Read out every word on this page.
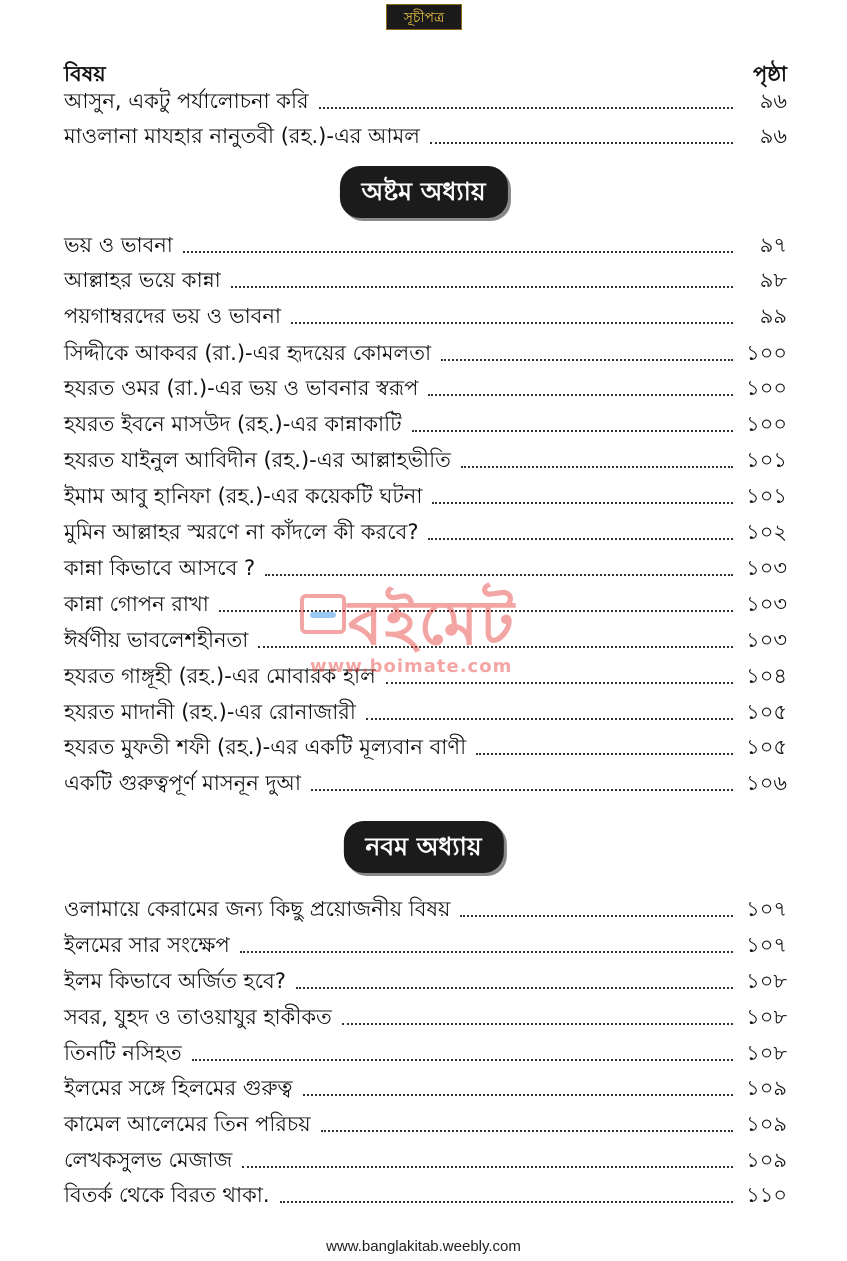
সূচীপত্র
বিষয়	পৃষ্ঠা
আসুন, একটু পর্যালোচনা করি	৯৬
মাওলানা মাযহার নানুতবী (রহ.)-এর আমল	৯৬
অষ্টম অধ্যায়
ভয় ও ভাবনা	৯৭
আল্লাহর ভয়ে কান্না	৯৮
পয়গাম্বরদের ভয় ও ভাবনা	৯৯
সিদ্দীকে আকবর (রা.)-এর হৃদয়ের কোমলতা	১০০
হযরত ওমর (রা.)-এর ভয় ও ভাবনার স্বরূপ	১০০
হযরত ইবনে মাসউদ (রহ.)-এর কান্নাকাটি	১০০
হযরত যাইনুল আবিদীন (রহ.)-এর আল্লাহভীতি	১০১
ইমাম আবু হানিফা (রহ.)-এর কয়েকটি ঘটনা	১০১
মুমিন আল্লাহর স্মরণে না কাঁদলে কী করবে?	১০২
কান্না কিভাবে আসবে ?	১০৩
কান্না গোপন রাখা	১০৩
ঈর্ষণীয় ভাবলেশহীনতা	১০৩
হযরত গাঙ্গূহী (রহ.)-এর মোবারক হাল	১০৪
হযরত মাদানী (রহ.)-এর রোনাজারী	১০৫
হযরত মুফতী শফী (রহ.)-এর একটি মূল্যবান বাণী	১০৫
একটি গুরুত্বপূর্ণ মাসনূন দুআ	১০৬
নবম অধ্যায়
ওলামায়ে কেরামের জন্য কিছু প্রয়োজনীয় বিষয়	১০৭
ইলমের সার সংক্ষেপ	১০৭
ইলম কিভাবে অর্জিত হবে?	১০৮
সবর, যুহদ ও তাওয়াযুর হাকীকত	১০৮
তিনটি নসিহত	১০৮
ইলমের সঙ্গে হিলমের গুরুত্ব	১০৯
কামেল আলেমের তিন পরিচয়	১০৯
লেখকসুলভ মেজাজ	১০৯
বিতর্ক থেকে বিরত থাকা.	১১০
বইমেট
www.boimate.com
www.banglakitab.weebly.com
